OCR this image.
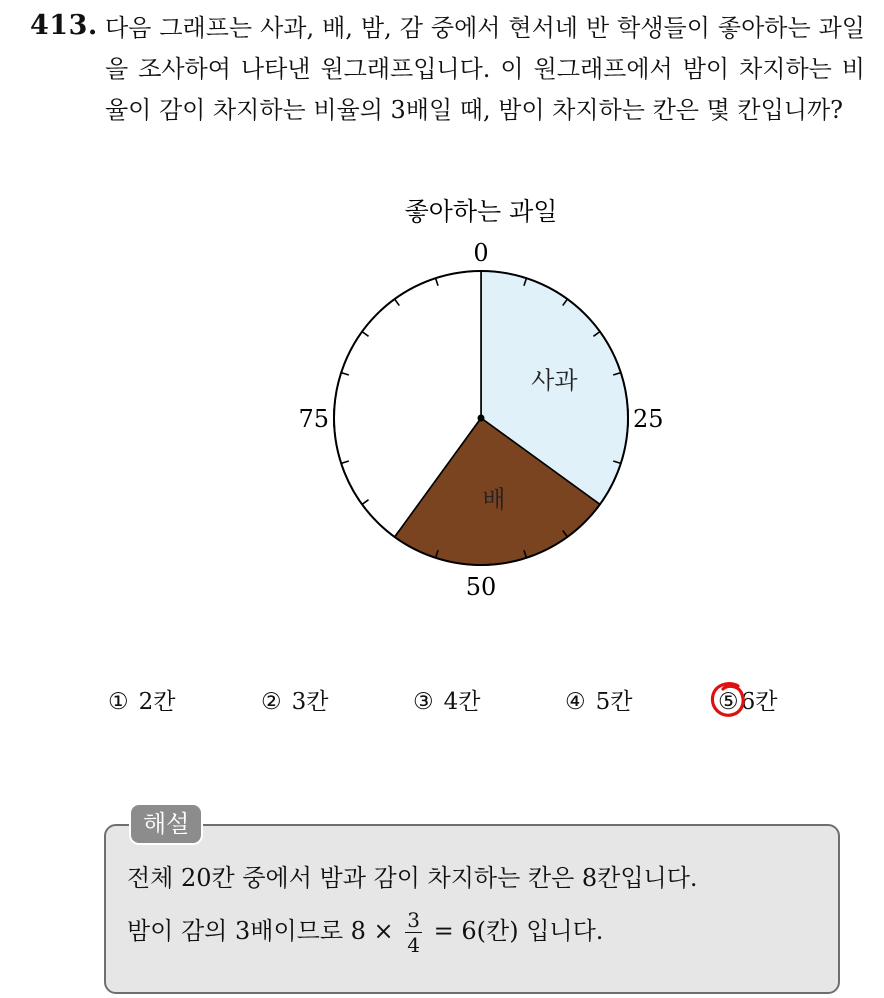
413. 다음 그래프는 사과, 배, 밤, 감 중에서 현서네 반 학생들이 좋아하는 과일을 조사하여 나타낸 원그래프입니다. 이 원그래프에서 밤이 차지하는 비율이 감이 차지하는 비율의 3배일 때, 밤이 차지하는 칸은 몇 칸입니까?
좋아하는 과일
0
25
50
75
사과
배
① 2칸	② 3칸	③ 4칸	④ 5칸	⑤6칸
해설
전체 20칸 중에서 밤과 감이 차지하는 칸은 8칸입니다.
밤이 감의 3배이므로 $8 \times \frac{3}{4} = 6$(칸) 입니다.
